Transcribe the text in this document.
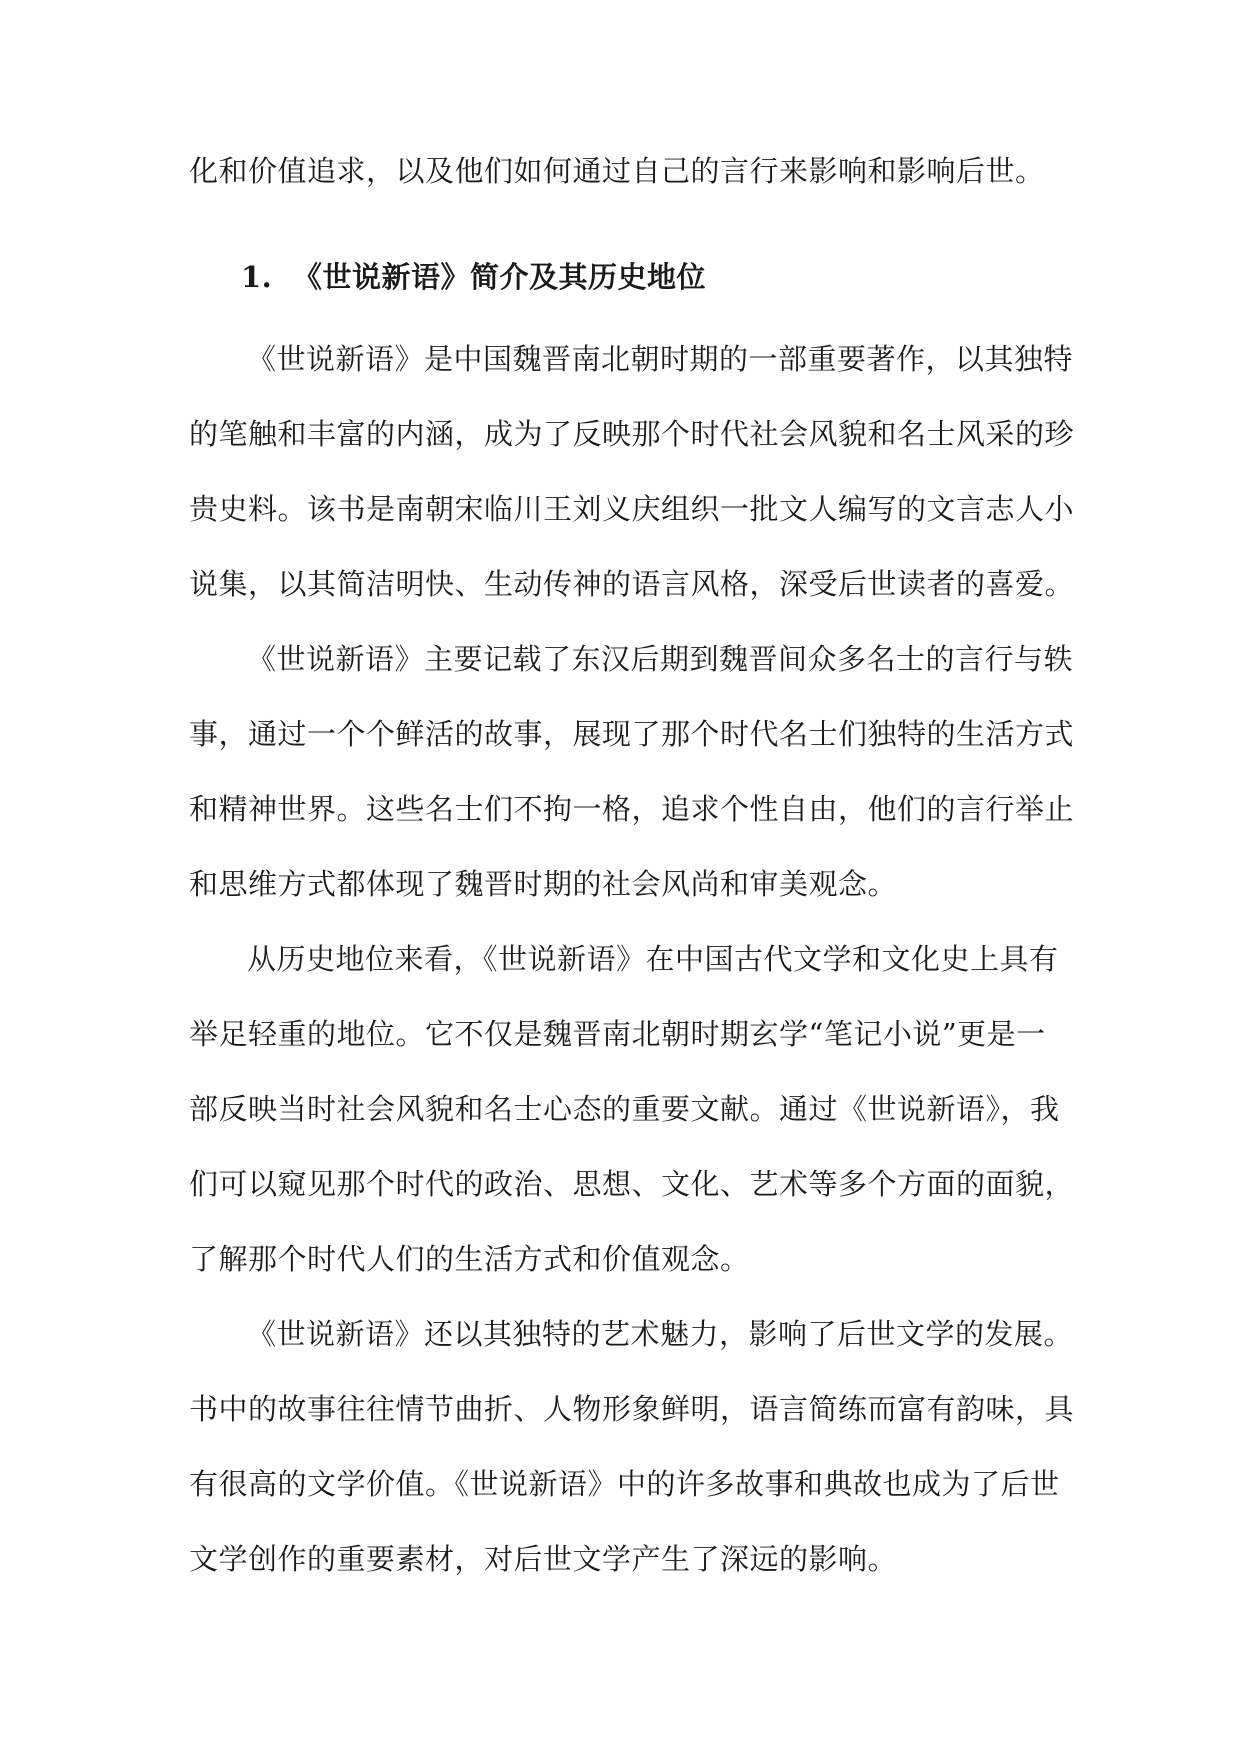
化和价值追求，以及他们如何通过自己的言行来影响和影响后世。
1. 《世说新语》简介及其历史地位
《世说新语》是中国魏晋南北朝时期的一部重要著作，以其独特
的笔触和丰富的内涵，成为了反映那个时代社会风貌和名士风采的珍
贵史料。该书是南朝宋临川王刘义庆组织一批文人编写的文言志人小
说集，以其简洁明快、生动传神的语言风格，深受后世读者的喜爱。
《世说新语》主要记载了东汉后期到魏晋间众多名士的言行与轶
事，通过一个个鲜活的故事，展现了那个时代名士们独特的生活方式
和精神世界。这些名士们不拘一格，追求个性自由，他们的言行举止
和思维方式都体现了魏晋时期的社会风尚和审美观念。
从历史地位来看，《世说新语》在中国古代文学和文化史上具有
举足轻重的地位。它不仅是魏晋南北朝时期玄学“笔记小说”更是一
部反映当时社会风貌和名士心态的重要文献。通过《世说新语》，我
们可以窥见那个时代的政治、思想、文化、艺术等多个方面的面貌，
了解那个时代人们的生活方式和价值观念。
《世说新语》还以其独特的艺术魅力，影响了后世文学的发展。
书中的故事往往情节曲折、人物形象鲜明，语言简练而富有韵味，具
有很高的文学价值。《世说新语》中的许多故事和典故也成为了后世
文学创作的重要素材，对后世文学产生了深远的影响。
